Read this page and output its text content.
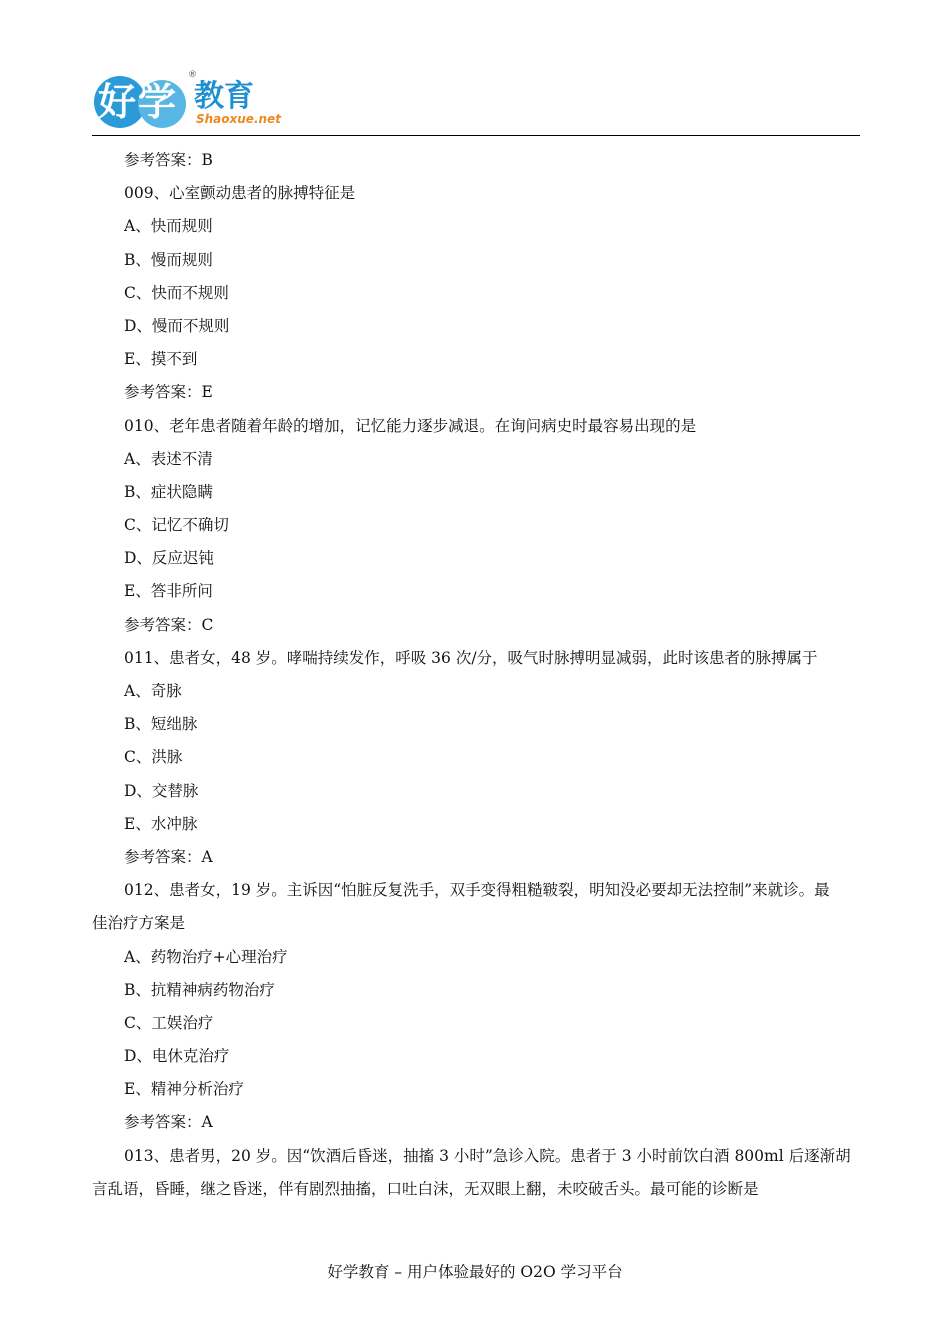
好学
®
教育
Shaoxue.net
参考答案：B
009、心室颤动患者的脉搏特征是
A、快而规则
B、慢而规则
C、快而不规则
D、慢而不规则
E、摸不到
参考答案：E
010、老年患者随着年龄的增加，记忆能力逐步减退。在询问病史时最容易出现的是
A、表述不清
B、症状隐瞒
C、记忆不确切
D、反应迟钝
E、答非所问
参考答案：C
011、患者女，48 岁。哮喘持续发作，呼吸 36 次/分，吸气时脉搏明显减弱，此时该患者的脉搏属于
A、奇脉
B、短绌脉
C、洪脉
D、交替脉
E、水冲脉
参考答案：A
012、患者女，19 岁。主诉因“怕脏反复洗手，双手变得粗糙皲裂，明知没必要却无法控制”来就诊。最
佳治疗方案是
A、药物治疗+心理治疗
B、抗精神病药物治疗
C、工娱治疗
D、电休克治疗
E、精神分析治疗
参考答案：A
013、患者男，20 岁。因“饮酒后昏迷，抽搐 3 小时”急诊入院。患者于 3 小时前饮白酒 800ml 后逐渐胡
言乱语，昏睡，继之昏迷，伴有剧烈抽搐，口吐白沫，无双眼上翻，未咬破舌头。最可能的诊断是
好学教育 – 用户体验最好的 O2O 学习平台
